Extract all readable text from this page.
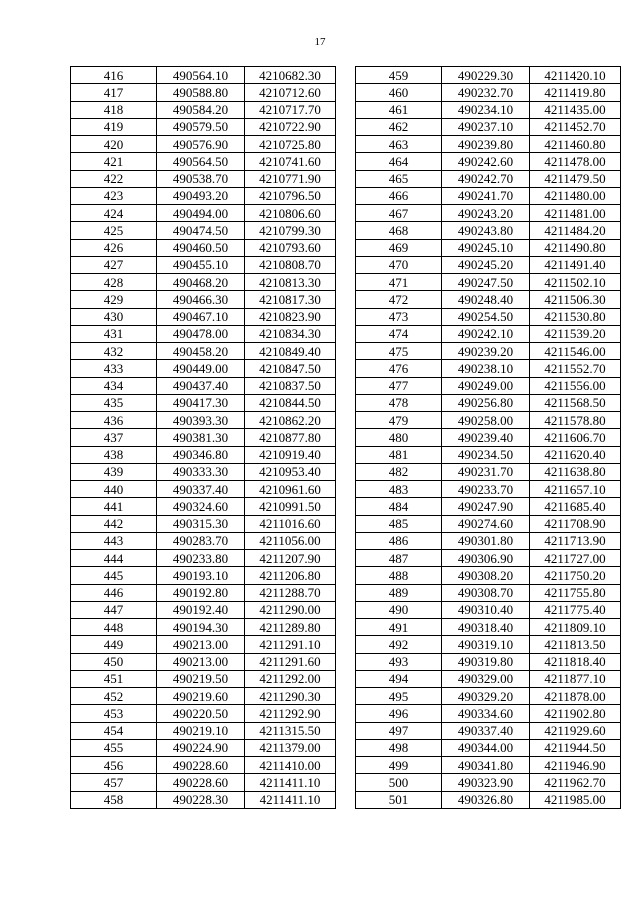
17
416	490564.10	4210682.30
417	490588.80	4210712.60
418	490584.20	4210717.70
419	490579.50	4210722.90
420	490576.90	4210725.80
421	490564.50	4210741.60
422	490538.70	4210771.90
423	490493.20	4210796.50
424	490494.00	4210806.60
425	490474.50	4210799.30
426	490460.50	4210793.60
427	490455.10	4210808.70
428	490468.20	4210813.30
429	490466.30	4210817.30
430	490467.10	4210823.90
431	490478.00	4210834.30
432	490458.20	4210849.40
433	490449.00	4210847.50
434	490437.40	4210837.50
435	490417.30	4210844.50
436	490393.30	4210862.20
437	490381.30	4210877.80
438	490346.80	4210919.40
439	490333.30	4210953.40
440	490337.40	4210961.60
441	490324.60	4210991.50
442	490315.30	4211016.60
443	490283.70	4211056.00
444	490233.80	4211207.90
445	490193.10	4211206.80
446	490192.80	4211288.70
447	490192.40	4211290.00
448	490194.30	4211289.80
449	490213.00	4211291.10
450	490213.00	4211291.60
451	490219.50	4211292.00
452	490219.60	4211290.30
453	490220.50	4211292.90
454	490219.10	4211315.50
455	490224.90	4211379.00
456	490228.60	4211410.00
457	490228.60	4211411.10
458	490228.30	4211411.10
459	490229.30	4211420.10
460	490232.70	4211419.80
461	490234.10	4211435.00
462	490237.10	4211452.70
463	490239.80	4211460.80
464	490242.60	4211478.00
465	490242.70	4211479.50
466	490241.70	4211480.00
467	490243.20	4211481.00
468	490243.80	4211484.20
469	490245.10	4211490.80
470	490245.20	4211491.40
471	490247.50	4211502.10
472	490248.40	4211506.30
473	490254.50	4211530.80
474	490242.10	4211539.20
475	490239.20	4211546.00
476	490238.10	4211552.70
477	490249.00	4211556.00
478	490256.80	4211568.50
479	490258.00	4211578.80
480	490239.40	4211606.70
481	490234.50	4211620.40
482	490231.70	4211638.80
483	490233.70	4211657.10
484	490247.90	4211685.40
485	490274.60	4211708.90
486	490301.80	4211713.90
487	490306.90	4211727.00
488	490308.20	4211750.20
489	490308.70	4211755.80
490	490310.40	4211775.40
491	490318.40	4211809.10
492	490319.10	4211813.50
493	490319.80	4211818.40
494	490329.00	4211877.10
495	490329.20	4211878.00
496	490334.60	4211902.80
497	490337.40	4211929.60
498	490344.00	4211944.50
499	490341.80	4211946.90
500	490323.90	4211962.70
501	490326.80	4211985.00
